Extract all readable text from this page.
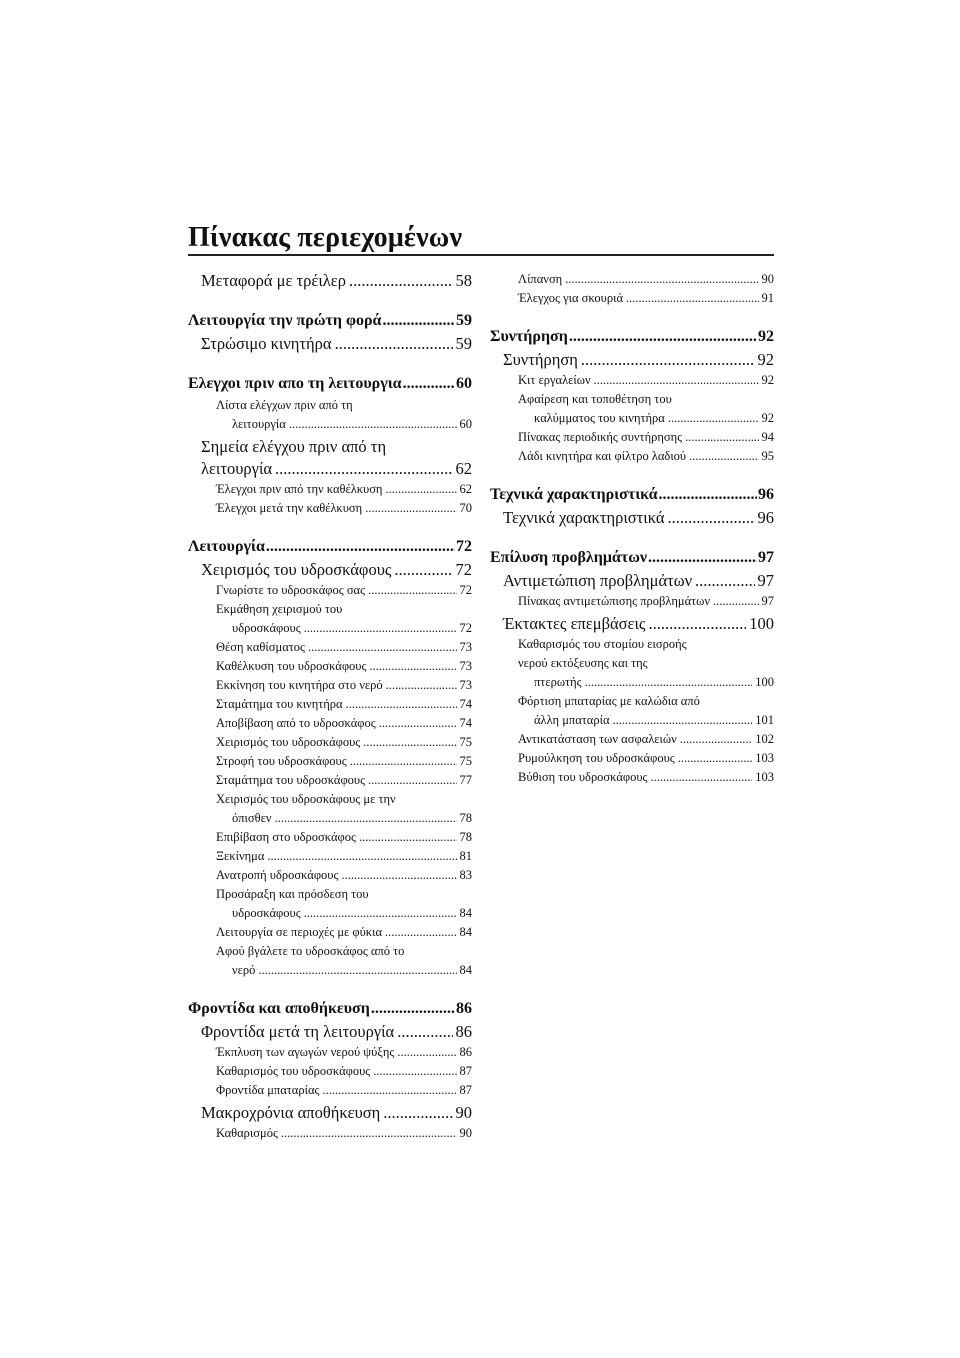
Πίνακας περιεχομένων
Μεταφορά με τρέιλερ .....	58
Λειτουργία την πρώτη φορά .....	59
Στρώσιμο κινητήρα .....	59
Ελεγχοι πριν απο τη λειτουργια .....	60
Λίστα ελέγχων πριν από τη
λειτουργία .....	60
Σημεία ελέγχου πριν από τη
λειτουργία .....	62
Έλεγχοι πριν από την καθέλκυση .....	62
Έλεγχοι μετά την καθέλκυση .....	70
Λειτουργία .....	72
Χειρισμός του υδροσκάφους .....	72
Γνωρίστε το υδροσκάφος σας .....	72
Εκμάθηση χειρισμού του
υδροσκάφους .....	72
Θέση καθίσματος .....	73
Καθέλκυση του υδροσκάφους .....	73
Εκκίνηση του κινητήρα στο νερό .....	73
Σταμάτημα του κινητήρα .....	74
Αποβίβαση από το υδροσκάφος .....	74
Χειρισμός του υδροσκάφους .....	75
Στροφή του υδροσκάφους .....	75
Σταμάτημα του υδροσκάφους .....	77
Χειρισμός του υδροσκάφους με την
όπισθεν .....	78
Επιβίβαση στο υδροσκάφος .....	78
Ξεκίνημα .....	81
Ανατροπή υδροσκάφους .....	83
Προσάραξη και πρόσδεση του
υδροσκάφους .....	84
Λειτουργία σε περιοχές με φύκια .....	84
Αφού βγάλετε το υδροσκάφος από το
νερό .....	84
Φροντίδα και αποθήκευση .....	86
Φροντίδα μετά τη λειτουργία .....	86
Έκπλυση των αγωγών νερού ψύξης .....	86
Καθαρισμός του υδροσκάφους .....	87
Φροντίδα μπαταρίας .....	87
Μακροχρόνια αποθήκευση .....	90
Καθαρισμός .....	90
Λίπανση .....	90
Έλεγχος για σκουριά .....	91
Συντήρηση .....	92
Συντήρηση .....	92
Κιτ εργαλείων .....	92
Αφαίρεση και τοποθέτηση του
καλύμματος του κινητήρα .....	92
Πίνακας περιοδικής συντήρησης .....	94
Λάδι κινητήρα και φίλτρο λαδιού .....	95
Τεχνικά χαρακτηριστικά .....	96
Τεχνικά χαρακτηριστικά .....	96
Επίλυση προβλημάτων .....	97
Αντιμετώπιση προβλημάτων .....	97
Πίνακας αντιμετώπισης προβλημάτων .....	97
Έκτακτες επεμβάσεις .....	100
Καθαρισμός του στομίου εισροής νερού εκτόξευσης και της
πτερωτής .....	100
Φόρτιση μπαταρίας με καλώδια από
άλλη μπαταρία .....	101
Αντικατάσταση των ασφαλειών .....	102
Ρυμούλκηση του υδροσκάφους .....	103
Βύθιση του υδροσκάφους .....	103
